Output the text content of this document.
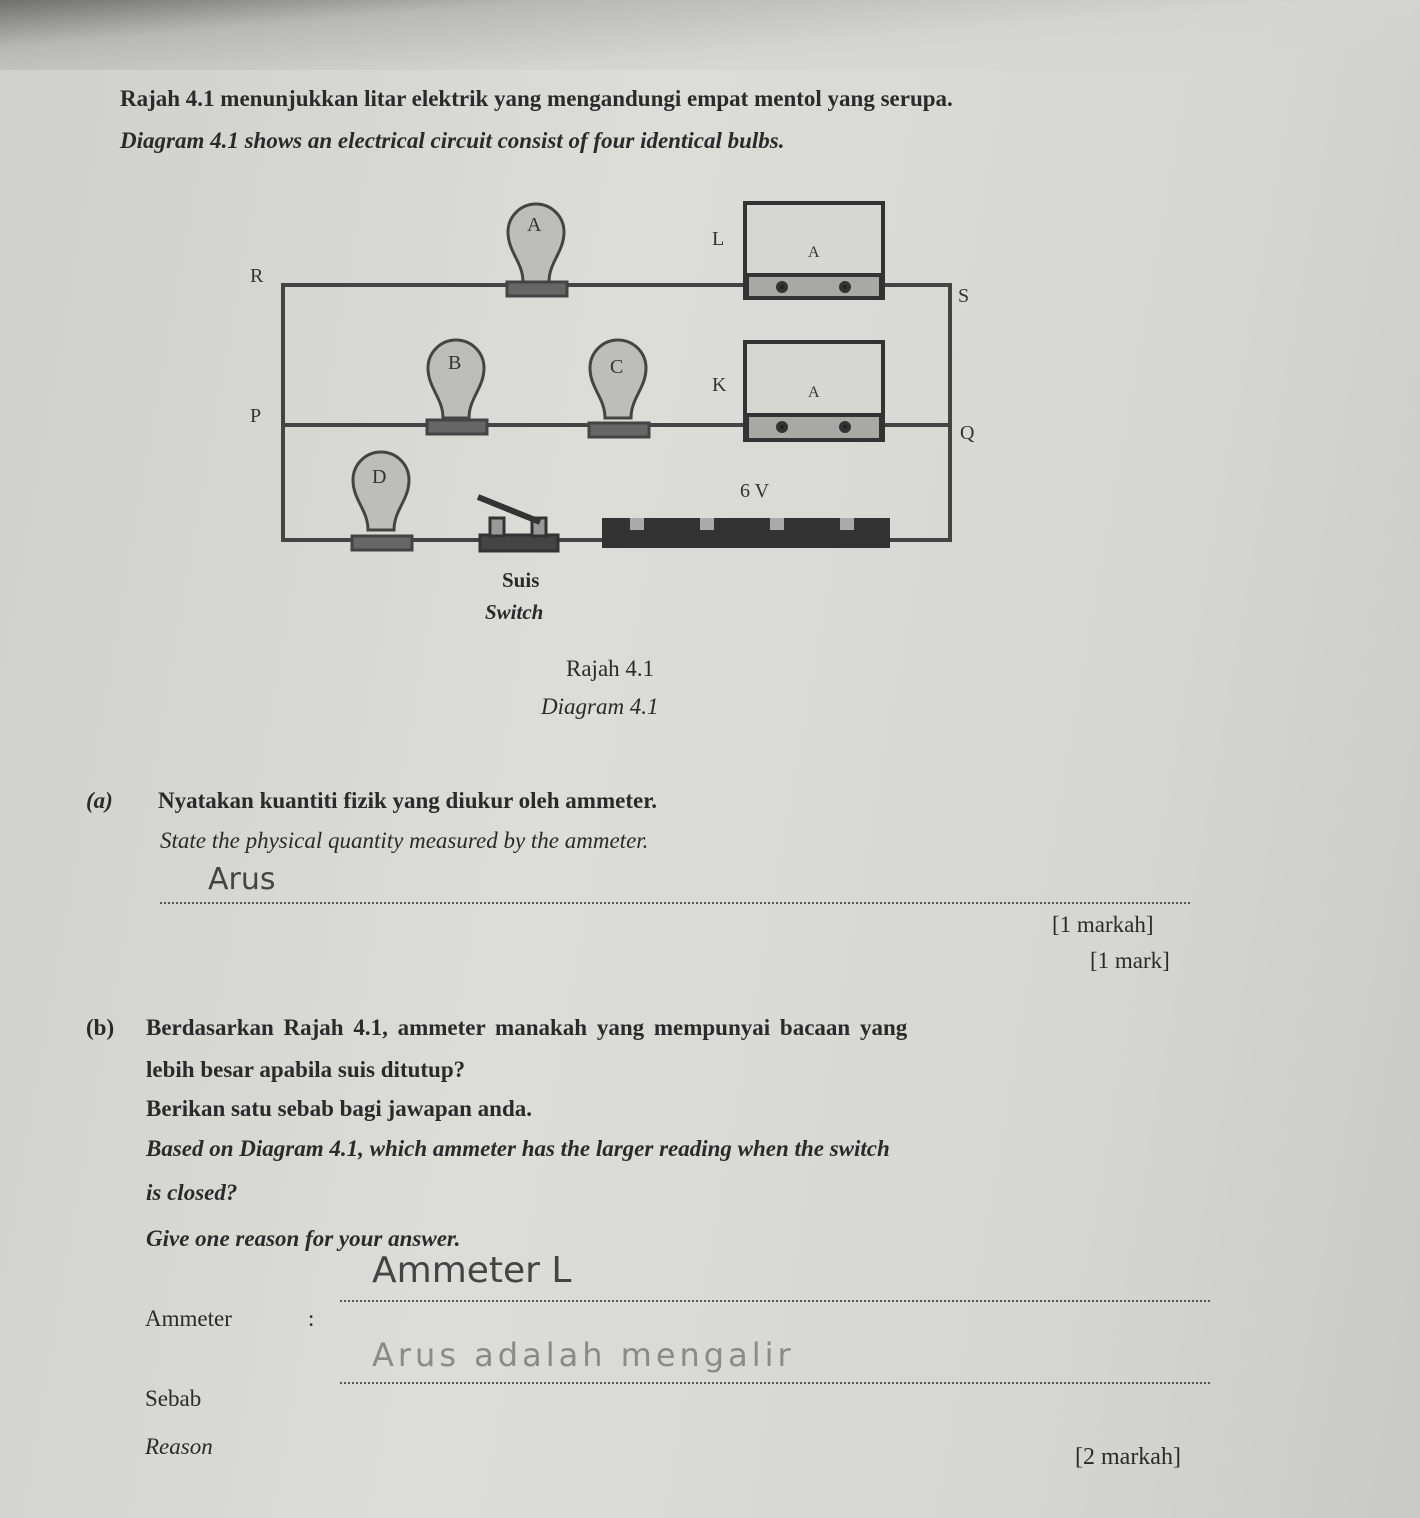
Rajah 4.1 menunjukkan litar elektrik yang mengandungi empat mentol yang serupa.
Diagram 4.1 shows an electrical circuit consist of four identical bulbs.
A
B	C
D
L
K
A
A
R
S
P
Q
6 V
Suis
Switch
Rajah 4.1
Diagram 4.1
(a) Nyatakan kuantiti fizik yang diukur oleh ammeter.
State the physical quantity measured by the ammeter.
Arus
[1 markah]
[1 mark]
(b) Berdasarkan Rajah 4.1, ammeter manakah yang mempunyai bacaan yang
lebih besar apabila suis ditutup?
Berikan satu sebab bagi jawapan anda.
Based on Diagram 4.1, which ammeter has the larger reading when the switch
is closed?
Give one reason for your answer.
Ammeter	:
Ammeter L
Sebab
Arus adalah mengalir
Reason	[2 markah]
